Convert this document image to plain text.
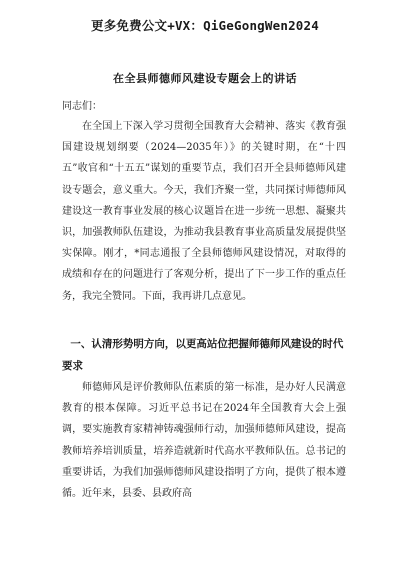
更多免费公文+VX：QiGeGongWen2024
在全县师德师风建设专题会上的讲话
同志们：

在全国上下深入学习贯彻全国教育大会精神、落实《教育强国建设规划纲要（2024—2035年）》的关键时期，在“十四五”收官和“十五五”谋划的重要节点，我们召开全县师德师风建设专题会，意义重大。今天，我们齐聚一堂，共同探讨师德师风建设这一教育事业发展的核心议题旨在进一步统一思想、凝聚共识，加强教师队伍建设，为推动我县教育事业高质量发展提供坚实保障。刚才，*同志通报了全县师德师风建设情况，对取得的成绩和存在的问题进行了客观分析，提出了下一步工作的重点任务，我完全赞同。下面，我再讲几点意见。

一、认清形势明方向，以更高站位把握师德师风建设的时代要求

师德师风是评价教师队伍素质的第一标准，是办好人民满意教育的根本保障。习近平总书记在2024年全国教育大会上强调，要实施教育家精神铸魂强师行动，加强师德师风建设，提高教师培养培训质量，培养造就新时代高水平教师队伍。总书记的重要讲话，为我们加强师德师风建设指明了方向，提供了根本遵循。近年来，县委、县政府高
